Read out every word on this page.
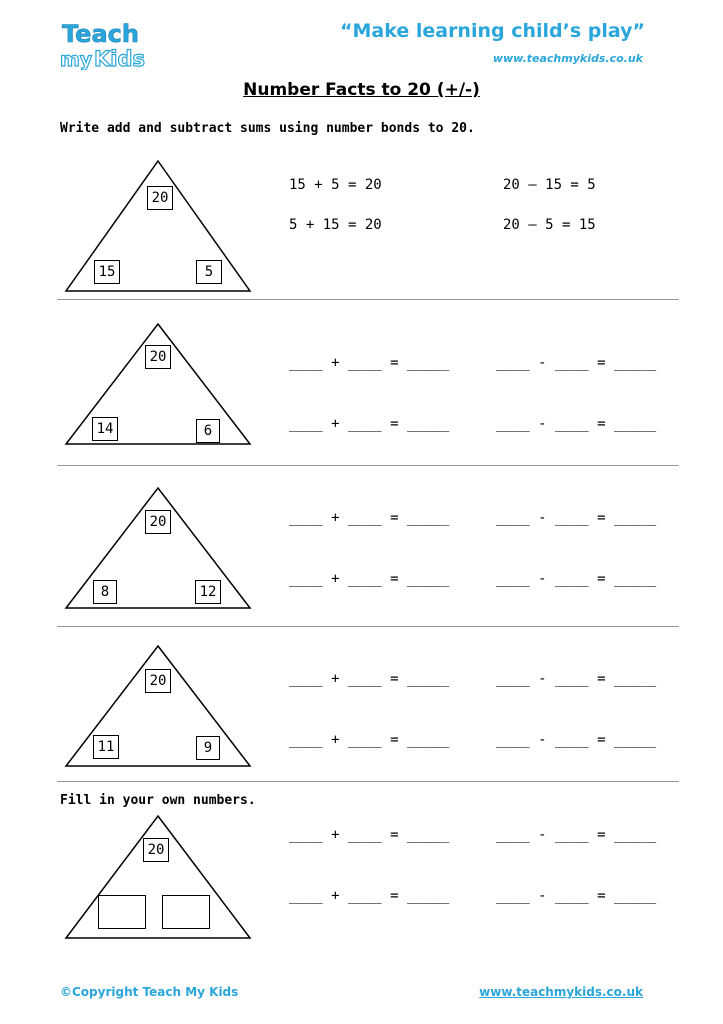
Teach
my Kids
“Make learning child’s play”
www.teachmykids.co.uk
Number Facts to 20 (+/-)
Write add and subtract sums using number bonds to 20.
20
15	5
15 + 5 = 20
5 + 15 = 20
20 – 15 = 5
20 – 5 = 15
20
14	6
____ + ____ = _____
____ + ____ = _____
____ - ____ = _____
____ - ____ = _____
20
8	12
____ + ____ = _____
____ + ____ = _____
____ - ____ = _____
____ - ____ = _____
20
11	9
____ + ____ = _____
____ + ____ = _____
____ - ____ = _____
____ - ____ = _____
Fill in your own numbers.
20
____ + ____ = _____
____ + ____ = _____
____ - ____ = _____
____ - ____ = _____
©Copyright Teach My Kids	www.teachmykids.co.uk
